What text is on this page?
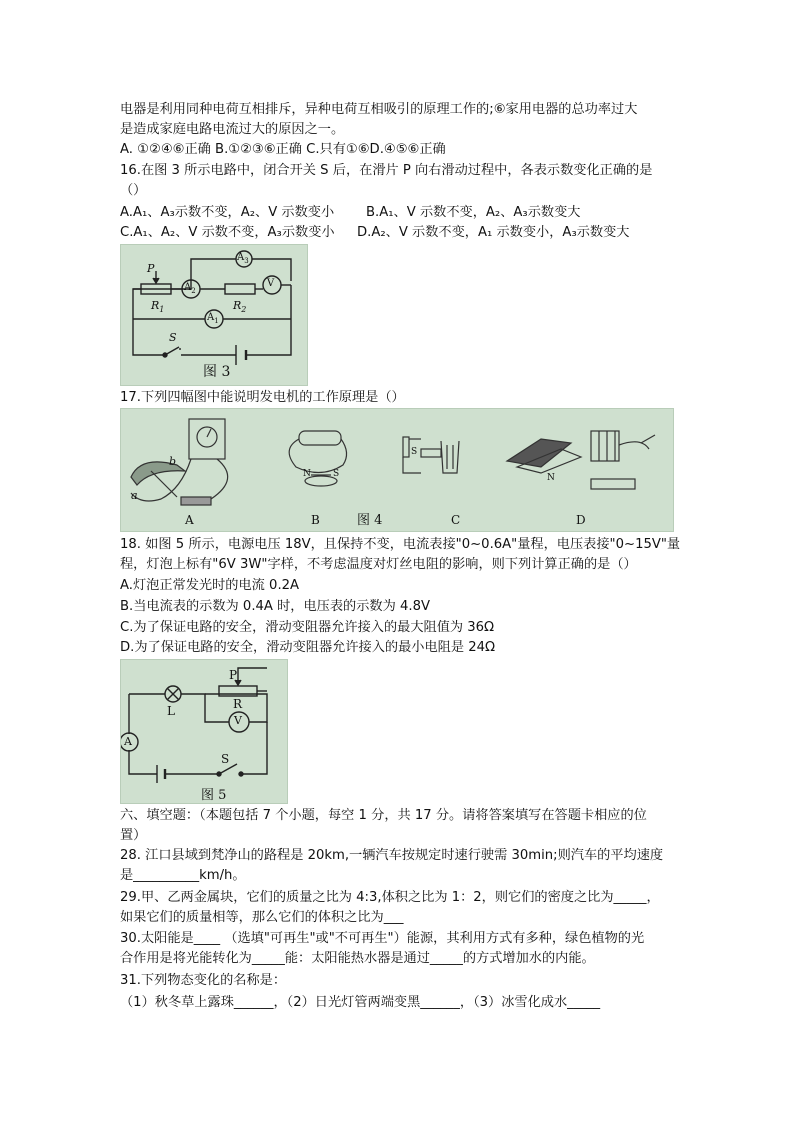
电器是利用同种电荷互相排斥，异种电荷互相吸引的原理工作的;⑥家用电器的总功率过大
是造成家庭电路电流过大的原因之一。
A. ①②④⑥正确 B.①②③⑥正确 C.只有①⑥D.④⑤⑥正确
16.在图 3 所示电路中，闭合开关 S 后，在滑片 P 向右滑动过程中，各表示数变化正确的是
（）
A.A₁、A₃示数不变，A₂、V 示数变小 B.A₁、V 示数不变，A₂、A₃示数变大
C.A₁、A₂、V 示数不变，A₃示数变小 D.A₂、V 示数不变，A₁ 示数变小，A₃示数变大
P
$R_1$	$R_2$
S
$A_2$
$A_3$
$A_1$
V
图 3
17.下列四幅图中能说明发电机的工作原理是（）
a
b
N S
S
N
A	B	图 4	C	D
18. 如图 5 所示，电源电压 18V，且保持不变，电流表接"0~0.6A"量程，电压表接"0~15V"量
程，灯泡上标有"6V 3W"字样，不考虑温度对灯丝电阻的影响，则下列计算正确的是（）
A.灯泡正常发光时的电流 0.2A
B.当电流表的示数为 0.4A 时，电压表的示数为 4.8V
C.为了保证电路的安全，滑动变阻器允许接入的最大阻值为 36Ω
D.为了保证电路的安全，滑动变阻器允许接入的最小电阻是 24Ω
L
P
R
V
A
S
图 5
六、填空题：（本题包括 7 个小题，每空 1 分，共 17 分。请将答案填写在答题卡相应的位
置）
28. 江口县域到梵净山的路程是 20km,一辆汽车按规定时速行驶需 30min;则汽车的平均速度
是__________km/h。
29.甲、乙两金属块，它们的质量之比为 4:3,体积之比为 1：2，则它们的密度之比为_____，
如果它们的质量相等，那么它们的体积之比为___
30.太阳能是____ （选填"可再生"或"不可再生"）能源，其利用方式有多种，绿色植物的光
合作用是将光能转化为_____能：太阳能热水器是通过_____的方式增加水的内能。
31.下列物态变化的名称是：
（1）秋冬草上露珠______，（2）日光灯管两端变黑______，（3）冰雪化成水_____
